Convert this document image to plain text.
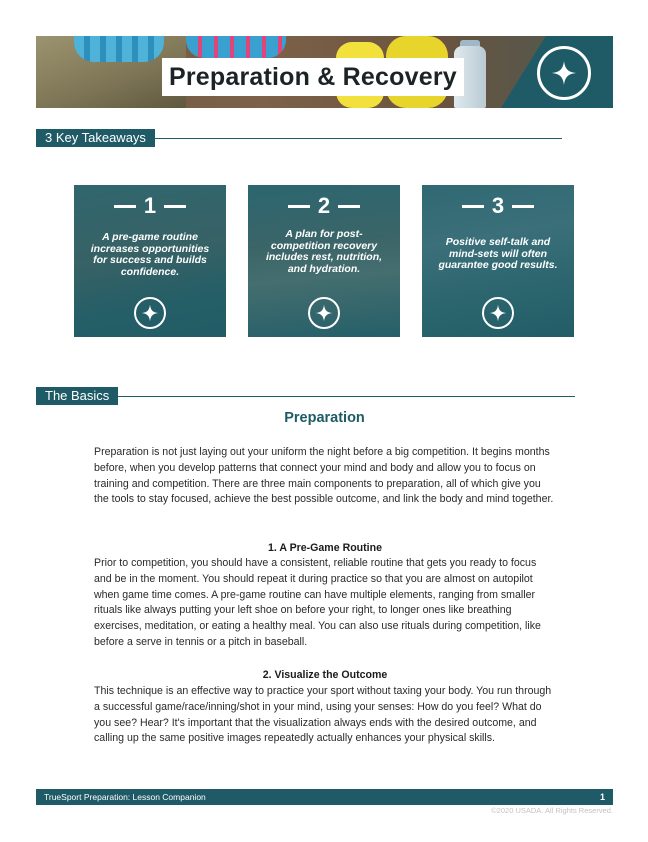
Preparation & Recovery
3 Key Takeaways
1
A pre-game routine increases opportunities for success and builds confidence.
2
A plan for post-competition recovery includes rest, nutrition, and hydration.
3
Positive self-talk and mind-sets will often guarantee good results.
The Basics
Preparation
Preparation is not just laying out your uniform the night before a big competition. It begins months before, when you develop patterns that connect your mind and body and allow you to focus on training and competition. There are three main components to preparation, all of which give you the tools to stay focused, achieve the best possible outcome, and link the body and mind together.
1. A Pre-Game Routine
Prior to competition, you should have a consistent, reliable routine that gets you ready to focus and be in the moment. You should repeat it during practice so that you are almost on autopilot when game time comes. A pre-game routine can have multiple elements, ranging from smaller rituals like always putting your left shoe on before your right, to longer ones like breathing exercises, meditation, or eating a healthy meal. You can also use rituals during competition, like before a serve in tennis or a pitch in baseball.
2. Visualize the Outcome
This technique is an effective way to practice your sport without taxing your body. You run through a successful game/race/inning/shot in your mind, using your senses: How do you feel? What do you see? Hear? It's important that the visualization always ends with the desired outcome, and calling up the same positive images repeatedly actually enhances your physical skills.
TrueSport Preparation: Lesson Companion	1
©2020 USADA. All Rights Reserved.
